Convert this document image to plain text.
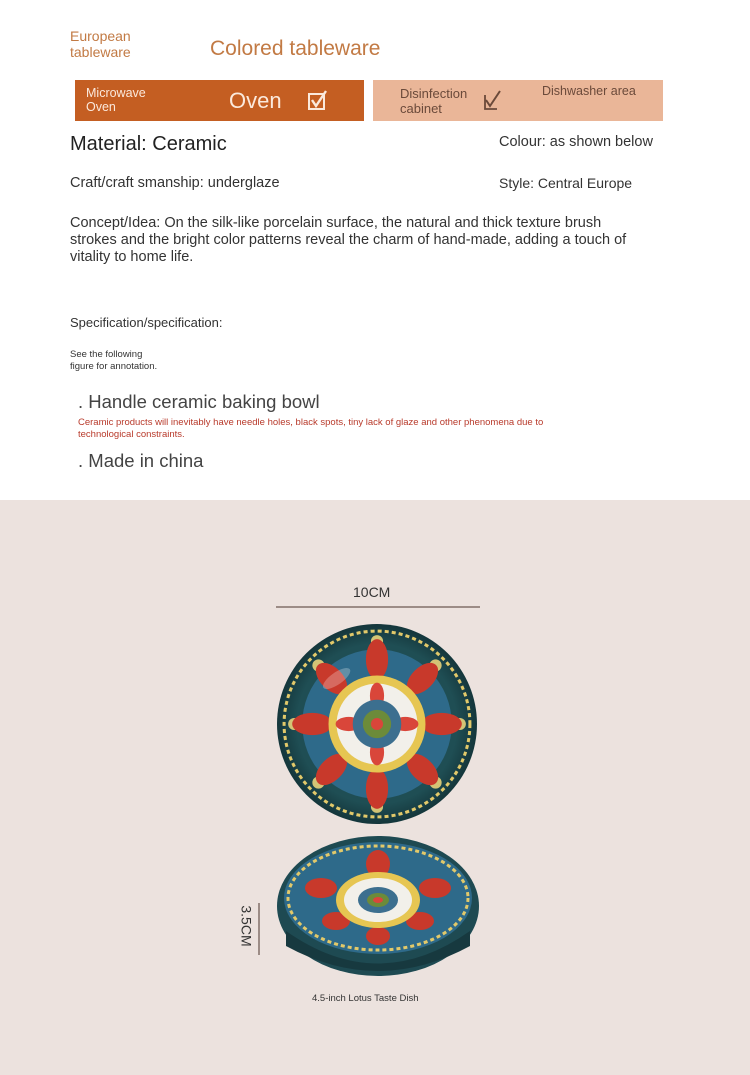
European
tableware	Colored tableware
Microwave
Oven	Oven	Disinfection
cabinet
Dishwasher area
Material: Ceramic	Colour: as shown below
Craft/craft smanship: underglaze	Style: Central Europe
Concept/Idea: On the silk-like porcelain surface, the natural and thick texture brush strokes and the bright color patterns reveal the charm of hand-made, adding a touch of vitality to home life.
Specification/specification:
See the following
figure for annotation.
. Handle ceramic baking bowl
Ceramic products will inevitably have needle holes, black spots, tiny lack of glaze and other phenomena due to technological constraints.
. Made in china
10CM
3.5CM
4.5-inch Lotus Taste Dish
